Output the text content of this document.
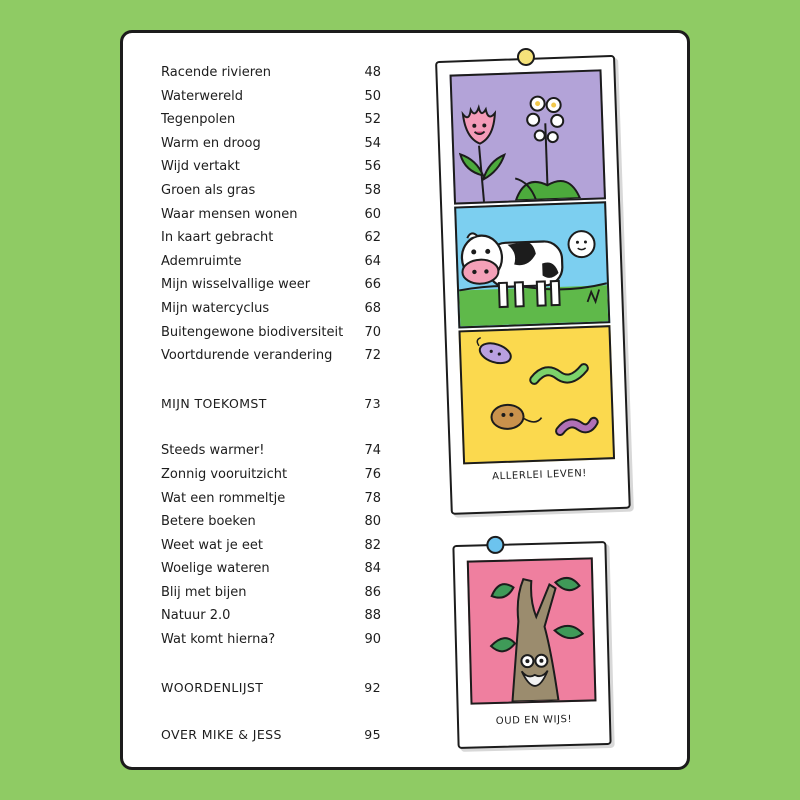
Racende rivieren	48
Waterwereld	50
Tegenpolen	52
Warm en droog	54
Wijd vertakt	56
Groen als gras	58
Waar mensen wonen	60
In kaart gebracht	62
Ademruimte	64
Mijn wisselvallige weer	66
Mijn watercyclus	68
Buitengewone biodiversiteit 70
Voortdurende verandering 72
MIJN TOEKOMST	73
Steeds warmer!	74
Zonnig vooruitzicht	76
Wat een rommeltje	78
Betere boeken	80
Weet wat je eet	82
Woelige wateren	84
Blij met bijen	86
Natuur 2.0	88
Wat komt hierna?	90
WOORDENLIJST	92
OVER MIKE & JESS	95
ALLERLEI LEVEN!
OUD EN WIJS!
